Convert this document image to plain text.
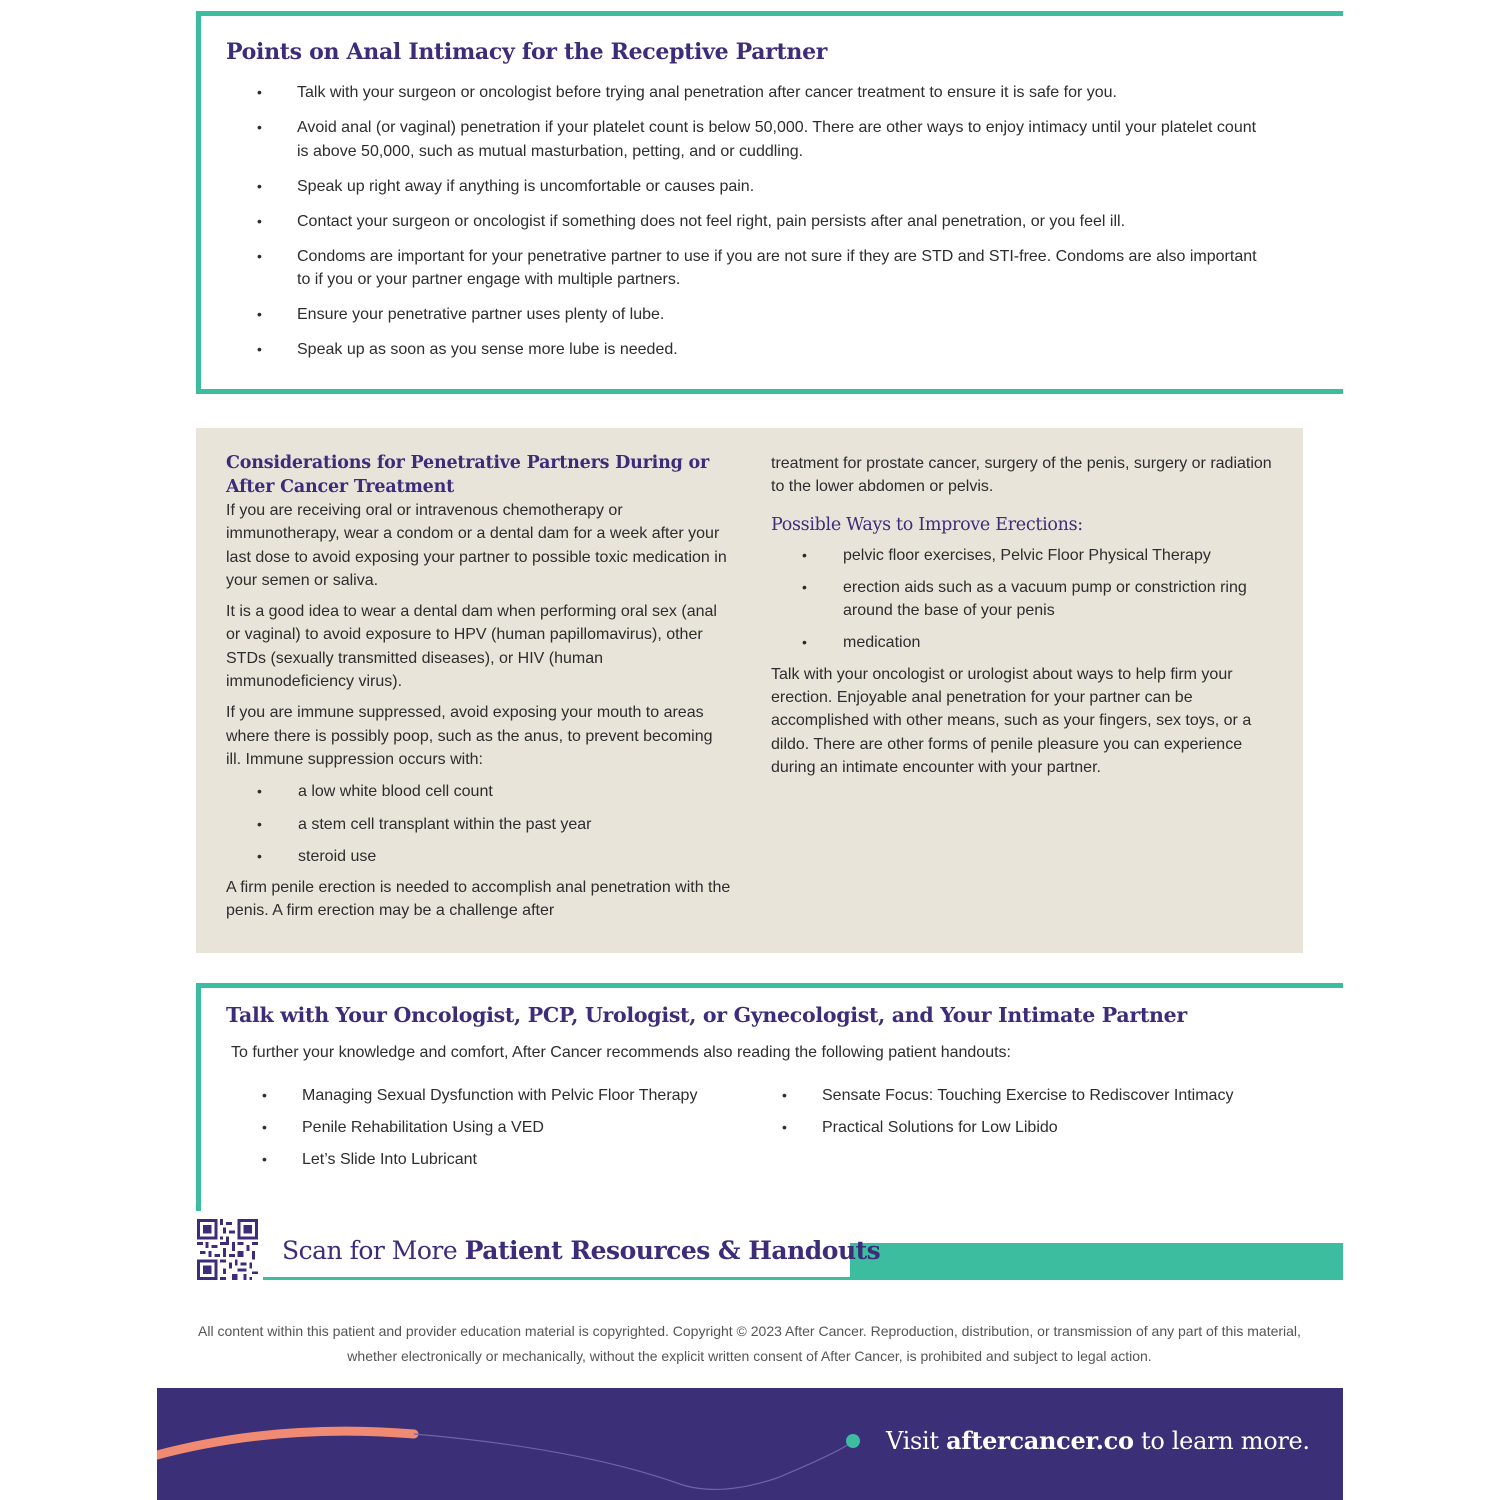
Points on Anal Intimacy for the Receptive Partner
• Talk with your surgeon or oncologist before trying anal penetration after cancer treatment to ensure it is safe for you.
• Avoid anal (or vaginal) penetration if your platelet count is below 50,000. There are other ways to enjoy intimacy until your platelet count is above 50,000, such as mutual masturbation, petting, and or cuddling.
• Speak up right away if anything is uncomfortable or causes pain.
• Contact your surgeon or oncologist if something does not feel right, pain persists after anal penetration, or you feel ill.
• Condoms are important for your penetrative partner to use if you are not sure if they are STD and STI-free. Condoms are also important to if you or your partner engage with multiple partners.
• Ensure your penetrative partner uses plenty of lube.
• Speak up as soon as you sense more lube is needed.
Considerations for Penetrative Partners During or After Cancer Treatment

If you are receiving oral or intravenous chemotherapy or immunotherapy, wear a condom or a dental dam for a week after your last dose to avoid exposing your partner to possible toxic medication in your semen or saliva.

It is a good idea to wear a dental dam when performing oral sex (anal or vaginal) to avoid exposure to HPV (human papillomavirus), other STDs (sexually transmitted diseases), or HIV (human immunodeficiency virus).

If you are immune suppressed, avoid exposing your mouth to areas where there is possibly poop, such as the anus, to prevent becoming ill. Immune suppression occurs with:

• a low white blood cell count
• a stem cell transplant within the past year
• steroid use

A firm penile erection is needed to accomplish anal penetration with the penis. A firm erection may be a challenge after

treatment for prostate cancer, surgery of the penis, surgery or radiation to the lower abdomen or pelvis.

Possible Ways to Improve Erections:
• pelvic floor exercises, Pelvic Floor Physical Therapy
• erection aids such as a vacuum pump or constriction ring around the base of your penis
• medication

Talk with your oncologist or urologist about ways to help firm your erection. Enjoyable anal penetration for your partner can be accomplished with other means, such as your fingers, sex toys, or a dildo. There are other forms of penile pleasure you can experience during an intimate encounter with your partner.

Talk with Your Oncologist, PCP, Urologist, or Gynecologist, and Your Intimate Partner
To further your knowledge and comfort, After Cancer recommends also reading the following patient handouts:
• Managing Sexual Dysfunction with Pelvic Floor Therapy
• Penile Rehabilitation Using a VED
• Let’s Slide Into Lubricant
• Sensate Focus: Touching Exercise to Rediscover Intimacy
• Practical Solutions for Low Libido
Scan for More Patient Resources & Handouts
All content within this patient and provider education material is copyrighted. Copyright © 2023 After Cancer. Reproduction, distribution, or transmission of any part of this material, whether electronically or mechanically, without the explicit written consent of After Cancer, is prohibited and subject to legal action.
Visit aftercancer.co to learn more.
